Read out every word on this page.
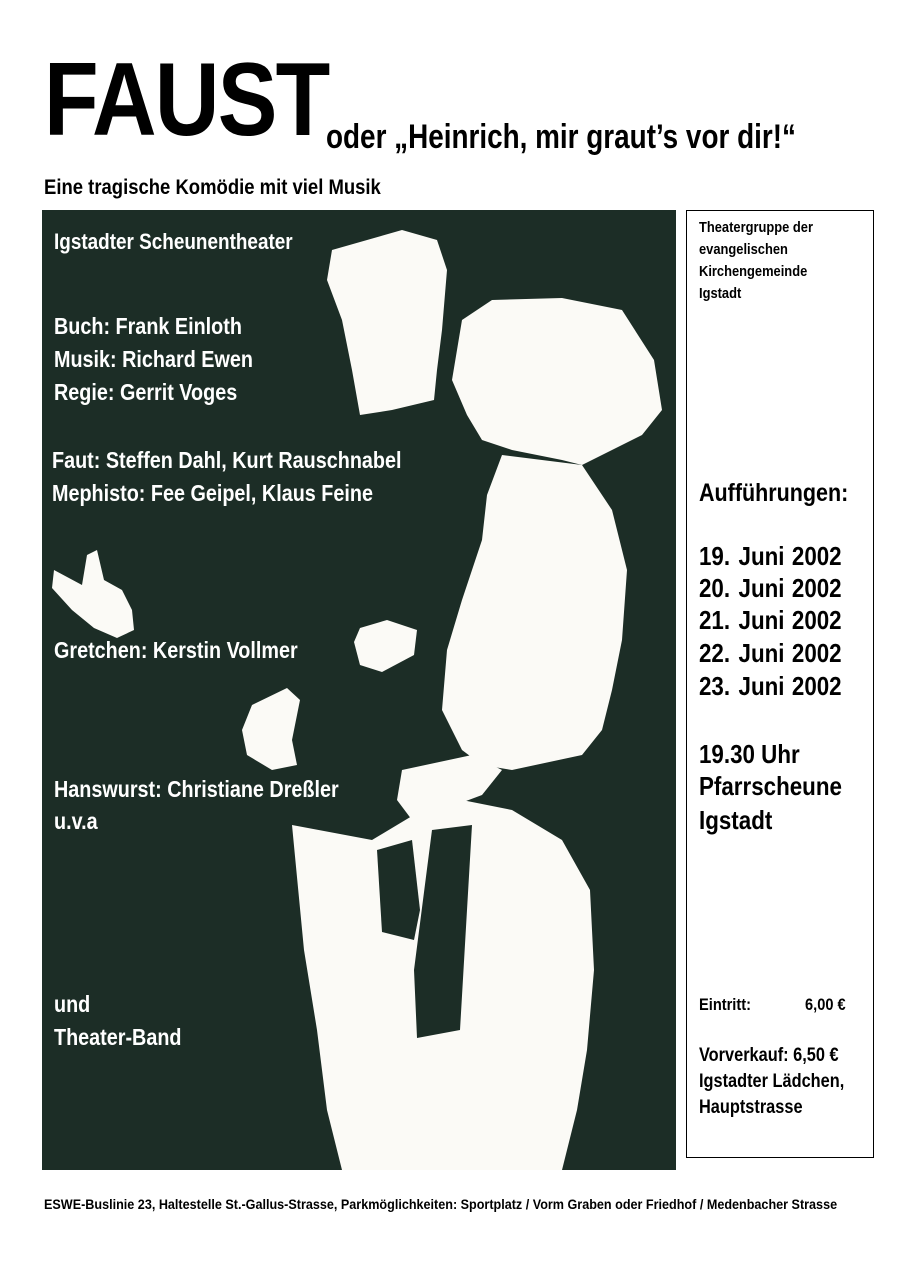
FAUST
oder „Heinrich, mir graut’s vor dir!“
Eine tragische Komödie mit viel Musik
Igstadter Scheunentheater
Buch: Frank Einloth
Musik: Richard Ewen
Regie: Gerrit Voges
Faut: Steffen Dahl, Kurt Rauschnabel
Mephisto: Fee Geipel, Klaus Feine
Gretchen: Kerstin Vollmer
Hanswurst: Christiane Dreßler
u.v.a
und
Theater-Band
Theatergruppe der
evangelischen
Kirchengemeinde
Igstadt
Aufführungen:
19. Juni 2002
20. Juni 2002
21. Juni 2002
22. Juni 2002
23. Juni 2002
19.30 Uhr
Pfarrscheune
Igstadt
Eintritt:	6,00 €
Vorverkauf: 6,50 €
Igstadter Lädchen,
Hauptstrasse
ESWE-Buslinie 23, Haltestelle St.-Gallus-Strasse, Parkmöglichkeiten: Sportplatz / Vorm Graben oder Friedhof / Medenbacher Strasse
